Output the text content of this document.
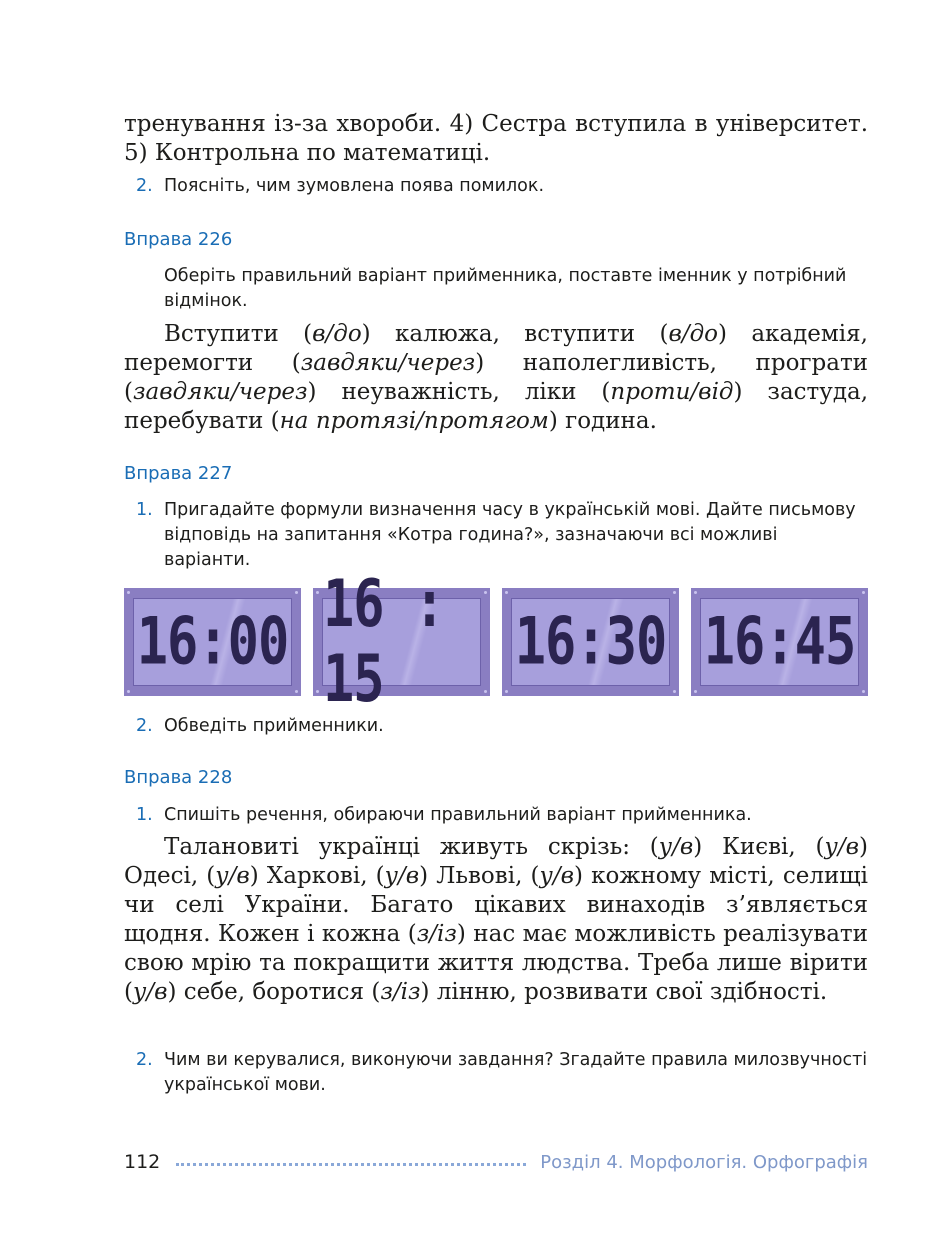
тренування із-за хвороби. 4) Сестра вступила в університет. 5) Контрольна по математиці.

2. Поясніть, чим зумовлена поява помилок.

Вправа 226

Оберіть правильний варіант прийменника, поставте іменник у потрібний відмінок.

Вступити (в/до) калюжа, вступити (в/до) академія, перемогти (завдяки/через) наполегливість, програти (завдяки/через) неуважність, ліки (проти/від) застуда, перебувати (на протязі/протягом) година.

Вправа 227

1. Пригадайте формули визначення часу в українській мові. Дайте письмову відповідь на запитання «Котра година?», зазначаючи всі можливі варіанти.
2. Обведіть прийменники.

Вправа 228

1. Спишіть речення, обираючи правильний варіант прийменника.

Талановиті українці живуть скрізь: (у/в) Києві, (у/в) Одесі, (у/в) Харкові, (у/в) Львові, (у/в) кожному місті, селищі чи селі України. Багато цікавих винаходів з’являється щодня. Кожен і кожна (з/із) нас має можливість реалізувати свою мрію та покращити життя людства. Треба лише вірити (у/в) себе, боротися (з/із) лінню, розвивати свої здібності.

2. Чим ви керувалися, виконуючи завдання? Згадайте правила милозвучності української мови.
16:00 16 : 15	16:30 16:45
112	Розділ 4. Морфологія. Орфографія
